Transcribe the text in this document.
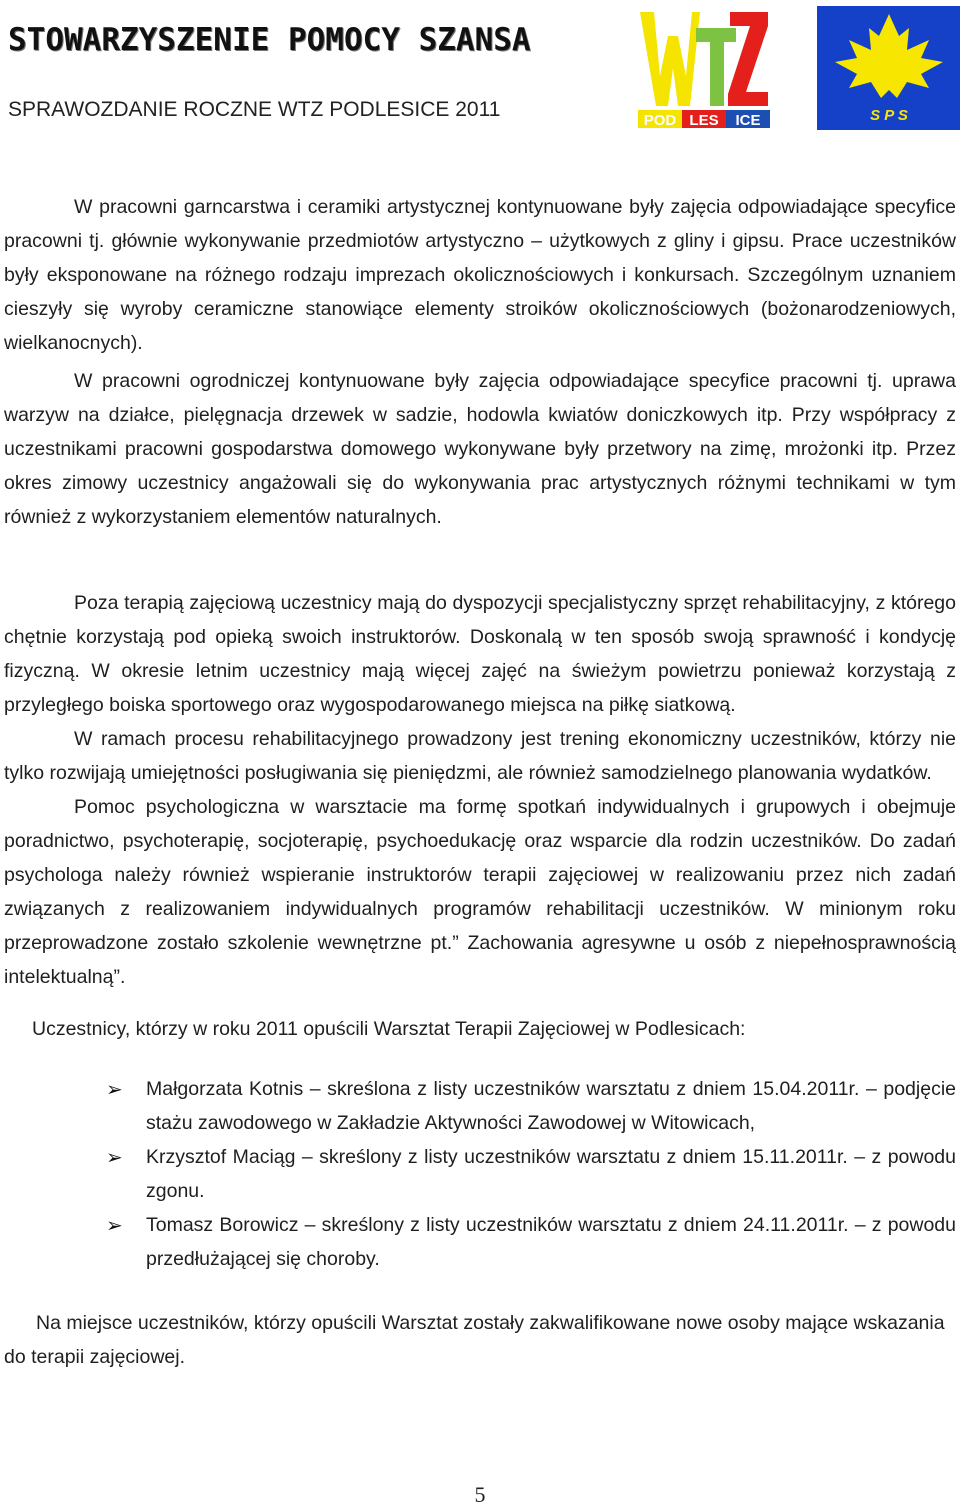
STOWARZYSZENIE POMOCY SZANSA
SPRAWOZDANIE ROCZNE WTZ PODLESICE 2011	POD LES ICE	S P S

W pracowni garncarstwa i ceramiki artystycznej kontynuowane były zajęcia odpowiadające specyfice pracowni tj. głównie wykonywanie przedmiotów artystyczno – użytkowych z gliny i gipsu. Prace uczestników były eksponowane na różnego rodzaju imprezach okolicznościowych i konkursach. Szczególnym uznaniem cieszyły się wyroby ceramiczne stanowiące elementy stroików okolicznościowych (bożonarodzeniowych, wielkanocnych).

W pracowni ogrodniczej kontynuowane były zajęcia odpowiadające specyfice pracowni tj. uprawa warzyw na działce, pielęgnacja drzewek w sadzie, hodowla kwiatów doniczkowych itp. Przy współpracy z uczestnikami pracowni gospodarstwa domowego wykonywane były przetwory na zimę, mrożonki itp. Przez okres zimowy uczestnicy angażowali się do wykonywania prac artystycznych różnymi technikami w tym również z wykorzystaniem elementów naturalnych.

Poza terapią zajęciową uczestnicy mają do dyspozycji specjalistyczny sprzęt rehabilitacyjny, z którego chętnie korzystają pod opieką swoich instruktorów. Doskonalą w ten sposób swoją sprawność i kondycję fizyczną. W okresie letnim uczestnicy mają więcej zajęć na świeżym powietrzu ponieważ korzystają z przyległego boiska sportowego oraz wygospodarowanego miejsca na piłkę siatkową.

W ramach procesu rehabilitacyjnego prowadzony jest trening ekonomiczny uczestników, którzy nie tylko rozwijają umiejętności posługiwania się pieniędzmi, ale również samodzielnego planowania wydatków.

Pomoc psychologiczna w warsztacie ma formę spotkań indywidualnych i grupowych i obejmuje poradnictwo, psychoterapię, socjoterapię, psychoedukację oraz wsparcie dla rodzin uczestników. Do zadań psychologa należy również wspieranie instruktorów terapii zajęciowej w realizowaniu przez nich zadań związanych z realizowaniem indywidualnych programów rehabilitacji uczestników. W minionym roku przeprowadzone zostało szkolenie wewnętrzne pt.” Zachowania agresywne u osób z niepełnosprawnością intelektualną”.

Uczestnicy, którzy w roku 2011 opuścili Warsztat Terapii Zajęciowej w Podlesicach:

➢ Małgorzata Kotnis – skreślona z listy uczestników warsztatu z dniem 15.04.2011r. – podjęcie stażu zawodowego w Zakładzie Aktywności Zawodowej w Witowicach,
➢ Krzysztof Maciąg – skreślony z listy uczestników warsztatu z dniem 15.11.2011r. – z powodu zgonu.
➢ Tomasz Borowicz – skreślony z listy uczestników warsztatu z dniem 24.11.2011r. – z powodu przedłużającej się choroby.

Na miejsce uczestników, którzy opuścili Warsztat zostały zakwalifikowane nowe osoby mające wskazania do terapii zajęciowej.

5
